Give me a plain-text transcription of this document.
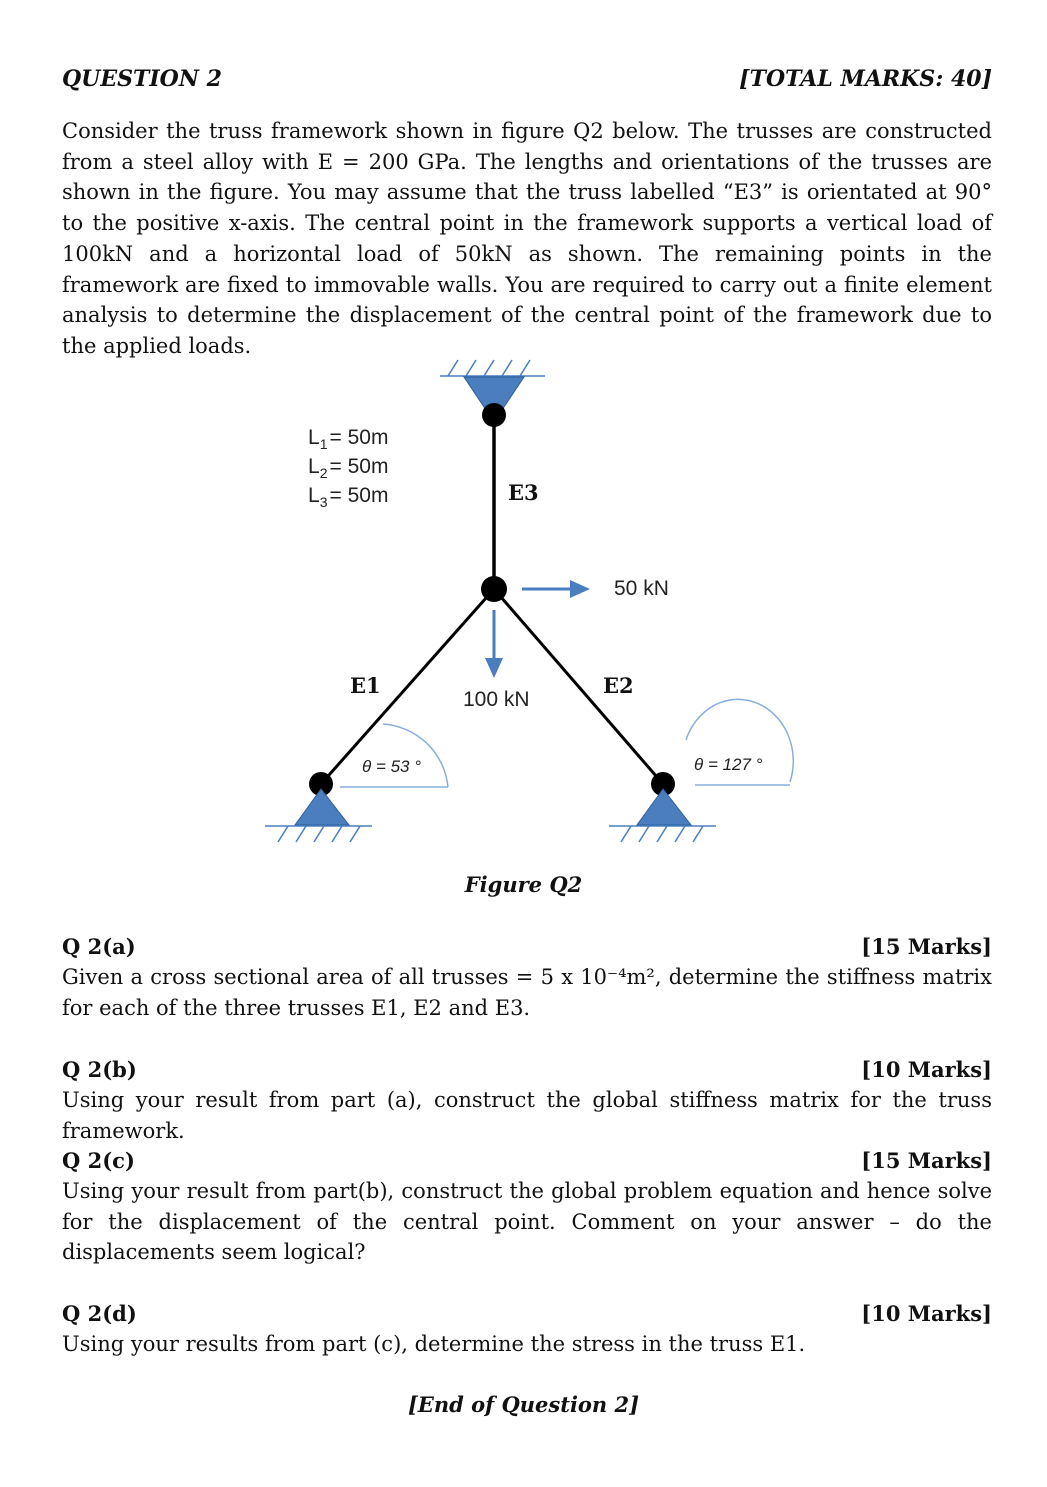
QUESTION 2	[TOTAL MARKS: 40]

Consider the truss framework shown in figure Q2 below. The trusses are constructed from a steel alloy with E = 200 GPa. The lengths and orientations of the trusses are shown in the figure. You may assume that the truss labelled “E3” is orientated at 90° to the positive x-axis. The central point in the framework supports a vertical load of 100kN and a horizontal load of 50kN as shown. The remaining points in the framework are fixed to immovable walls. You are required to carry out a finite element analysis to determine the displacement of the central point of the framework due to the applied loads.

$L_1= 50m$
$L_2= 50m$
$L_3= 50m$	E3
E1	E2
50 kN
100 kN
θ = 53 °	θ = 127 °
Figure Q2
Q 2(a)	[15 Marks]

Given a cross sectional area of all trusses = 5 x 10⁻⁴m², determine the stiffness matrix for each of the three trusses E1, E2 and E3.

Q 2(b)	[10 Marks]

Using your result from part (a), construct the global stiffness matrix for the truss framework.

Q 2(c)	[15 Marks]

Using your result from part(b), construct the global problem equation and hence solve for the displacement of the central point. Comment on your answer – do the displacements seem logical?

Q 2(d)	[10 Marks]

Using your results from part (c), determine the stress in the truss E1.

[End of Question 2]
